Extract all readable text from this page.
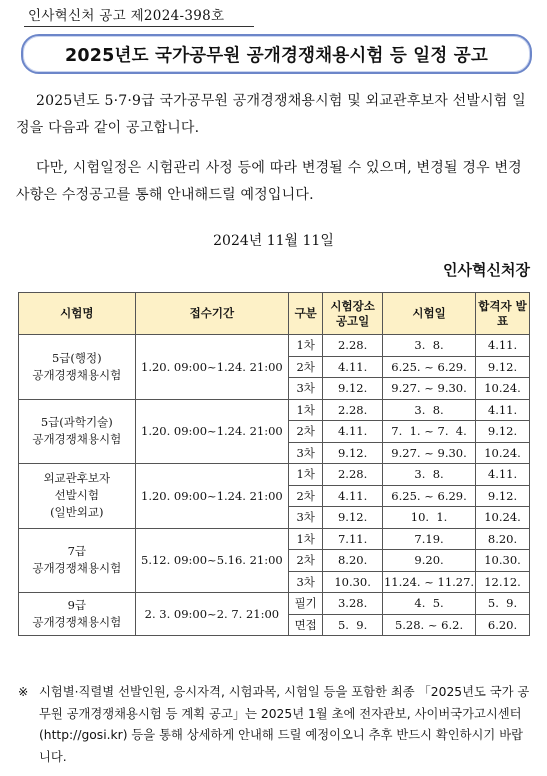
인사혁신처 공고 제2024-398호
2025년도 국가공무원 공개경쟁채용시험 등 일정 공고
2025년도 5·7·9급 국가공무원 공개경쟁채용시험 및 외교관후보자 선발시험 일정을 다음과 같이 공고합니다.
다만, 시험일정은 시험관리 사정 등에 따라 변경될 수 있으며, 변경될 경우 변경사항은 수정공고를 통해 안내해드릴 예정입니다.
2024년 11월 11일
인사혁신처장
시험명	접수기간	구분	시험장소 공고일	시험일	합격자 발표

5급(행정)
공개경쟁채용시험	1.20. 09:00~1.24. 21:00	1차	2.28.	3.  8.	4.11.
		2차	4.11.	6.25. ~ 6.29.	9.12.
		3차	9.12.	9.27. ~ 9.30.	10.24.

5급(과학기술)
공개경쟁채용시험	1.20. 09:00~1.24. 21:00	1차	2.28.	3.  8.	4.11.
		2차	4.11.	7.  1. ~ 7.  4.	9.12.
		3차	9.12.	9.27. ~ 9.30.	10.24.

외교관후보자
선발시험
(일반외교)	1.20. 09:00~1.24. 21:00	1차	2.28.	3.  8.	4.11.
		2차	4.11.	6.25. ~ 6.29.	9.12.
		3차	9.12.	10.  1.	10.24.

7급
공개경쟁채용시험	5.12. 09:00~5.16. 21:00	1차	7.11.	7.19.	8.20.
		2차	8.20.	9.20.	10.30.
		3차	10.30.	11.24. ~ 11.27.	12.12.

9급
공개경쟁채용시험	2. 3. 09:00~2. 7. 21:00	필기	3.28.	4.  5.	5.  9.
		면접	5.  9.	5.28. ~ 6.2.	6.20.
※ 시험별·직렬별 선발인원, 응시자격, 시험과목, 시험일 등을 포함한 최종 「2025년도 국가 공무원 공개경쟁채용시험 등 계획 공고」는 2025년 1월 초에 전자관보, 사이버국가고시센터(http://gosi.kr) 등을 통해 상세하게 안내해 드릴 예정이오니 추후 반드시 확인하시기 바랍니다.
